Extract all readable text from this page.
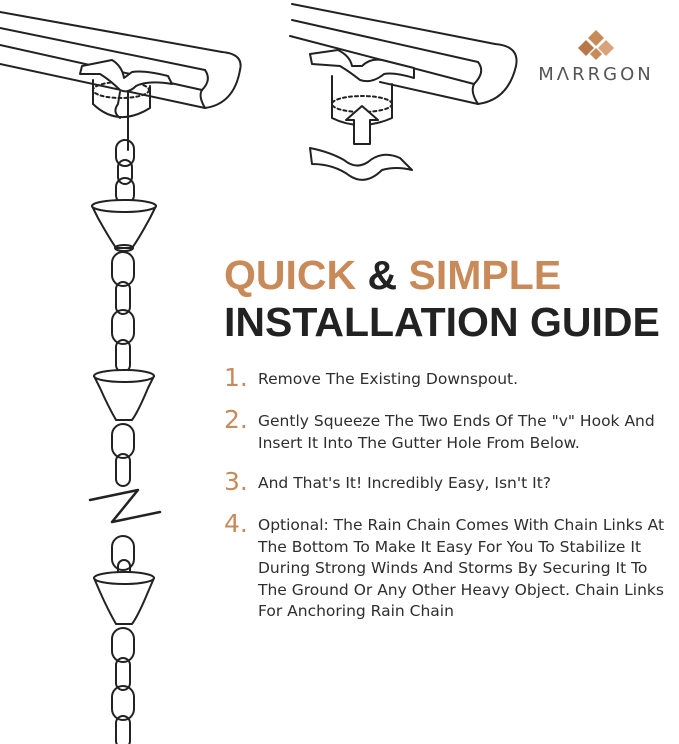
MΛRRGON
QUICK & SIMPLE
INSTALLATION GUIDE
1. Remove The Existing Downspout.
2. Gently Squeeze The Two Ends Of The "v" Hook And Insert It Into The Gutter Hole From Below.
3. And That's It! Incredibly Easy, Isn't It?
4. Optional: The Rain Chain Comes With Chain Links At The Bottom To Make It Easy For You To Stabilize It During Strong Winds And Storms By Securing It To The Ground Or Any Other Heavy Object. Chain Links For Anchoring Rain Chain
